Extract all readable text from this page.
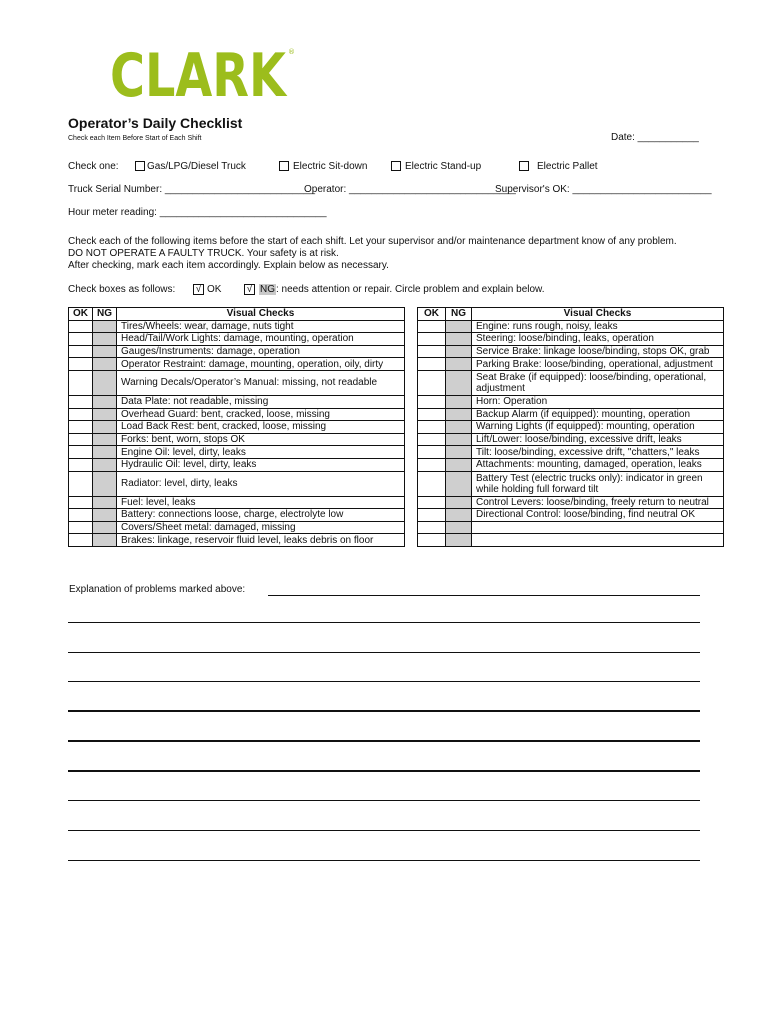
CLARK ®
Operator’s Daily Checklist
Check each Item Before Start of Each Shift	Date: ___________
Check one:	Gas/LPG/Diesel Truck	Electric Sit-down	Electric Stand-up	Electric Pallet
Truck Serial Number: ___________________________
Operator: ______________________________
Supervisor's OK: _________________________
Hour meter reading: ______________________________
Check each of the following items before the start of each shift. Let your supervisor and/or maintenance department know of any problem.
DO NOT OPERATE A FAULTY TRUCK. Your safety is at risk.
After checking, mark each item accordingly. Explain below as necessary.
Check boxes as follows: √ OK	√ NG: needs attention or repair. Circle problem and explain below.
OK	NG	Visual Checks
		Tires/Wheels: wear, damage, nuts tight
		Head/Tail/Work Lights: damage, mounting, operation
		Gauges/Instruments: damage, operation
		Operator Restraint: damage, mounting, operation, oily, dirty
		Warning Decals/Operator’s Manual: missing, not readable
		Data Plate: not readable, missing
		Overhead Guard: bent, cracked, loose, missing
		Load Back Rest: bent, cracked, loose, missing
		Forks: bent, worn, stops OK
		Engine Oil: level, dirty, leaks
		Hydraulic Oil: level, dirty, leaks
		Radiator: level, dirty, leaks
		Fuel: level, leaks
		Battery: connections loose, charge, electrolyte low
		Covers/Sheet metal: damaged, missing
		Brakes: linkage, reservoir fluid level, leaks debris on floor
OK	NG	Visual Checks
		Engine: runs rough, noisy, leaks
		Steering: loose/binding, leaks, operation
		Service Brake: linkage loose/binding, stops OK, grab
		Parking Brake: loose/binding, operational, adjustment
		Seat Brake (if equipped): loose/binding, operational, adjustment
		Horn: Operation
		Backup Alarm (if equipped): mounting, operation
		Warning Lights (if equipped): mounting, operation
		Lift/Lower: loose/binding, excessive drift, leaks
		Tilt: loose/binding, excessive drift, "chatters," leaks
		Attachments: mounting, damaged, operation, leaks
		Battery Test (electric trucks only): indicator in green while holding full forward tilt
		Control Levers: loose/binding, freely return to neutral
		Directional Control: loose/binding, find neutral OK

Explanation of problems marked above:
